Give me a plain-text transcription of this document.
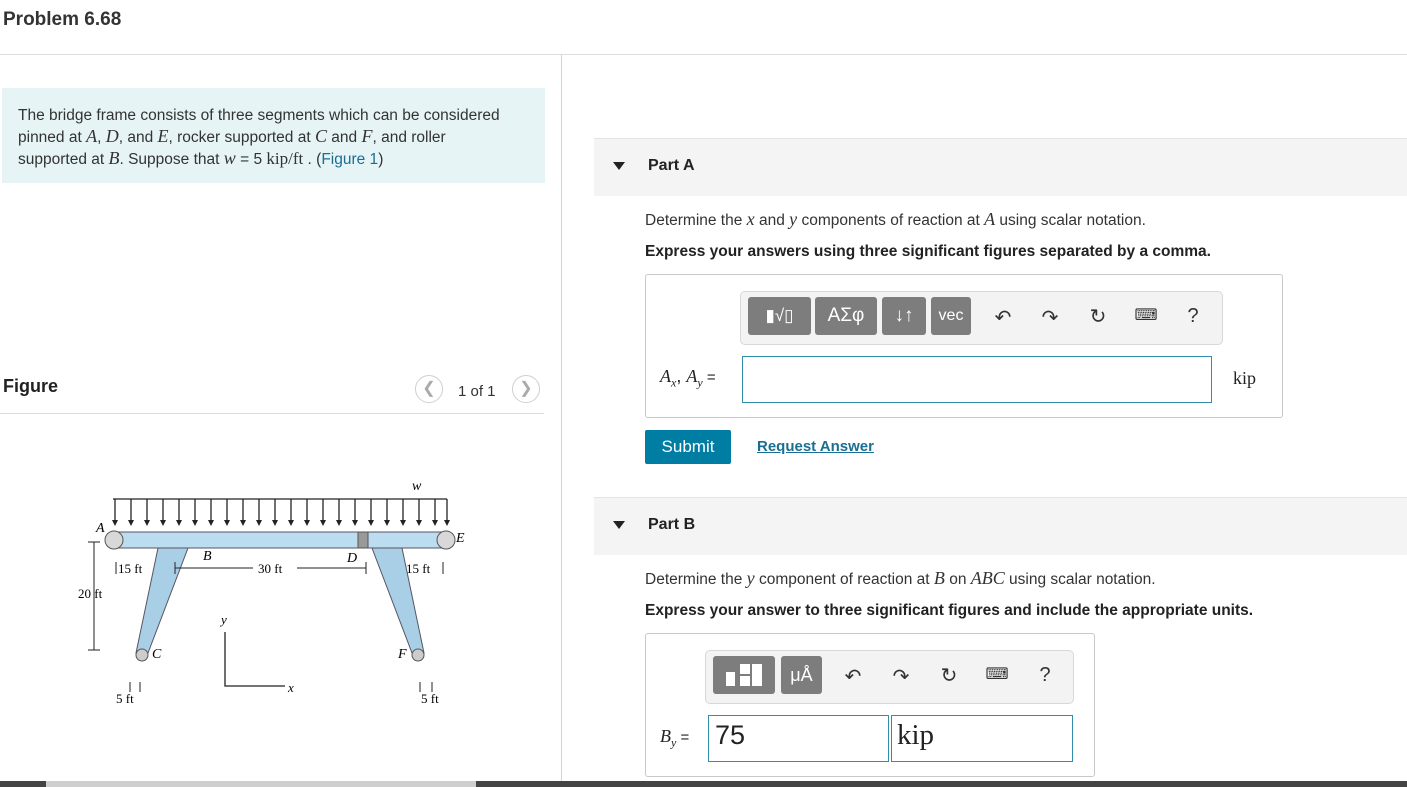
Problem 6.68
The bridge frame consists of three segments which can be considered
pinned at A, D, and E, rocker supported at C and F, and roller
supported at B. Suppose that w = 5 kip/ft . (Figure 1)
Figure	❮	1 of 1	❯
w
A
B
C
D
E
F
15 ft	30 ft	15 ft
20 ft
5 ft	5 ft
y
x
Part A
Determine the x and y components of reaction at A using scalar notation.
Express your answers using three significant figures separated by a comma.
▮√▯	ΑΣφ	↓↑	vec	↶	↷	↻	⌨	?
$A_x$, $A_y$ =	kip
Submit	Request Answer
Part B
Determine the y component of reaction at B on ABC using scalar notation.
Express your answer to three significant figures and include the appropriate units.
μÅ	↶	↷	↻	⌨	?
$B_y = 75$	kip
